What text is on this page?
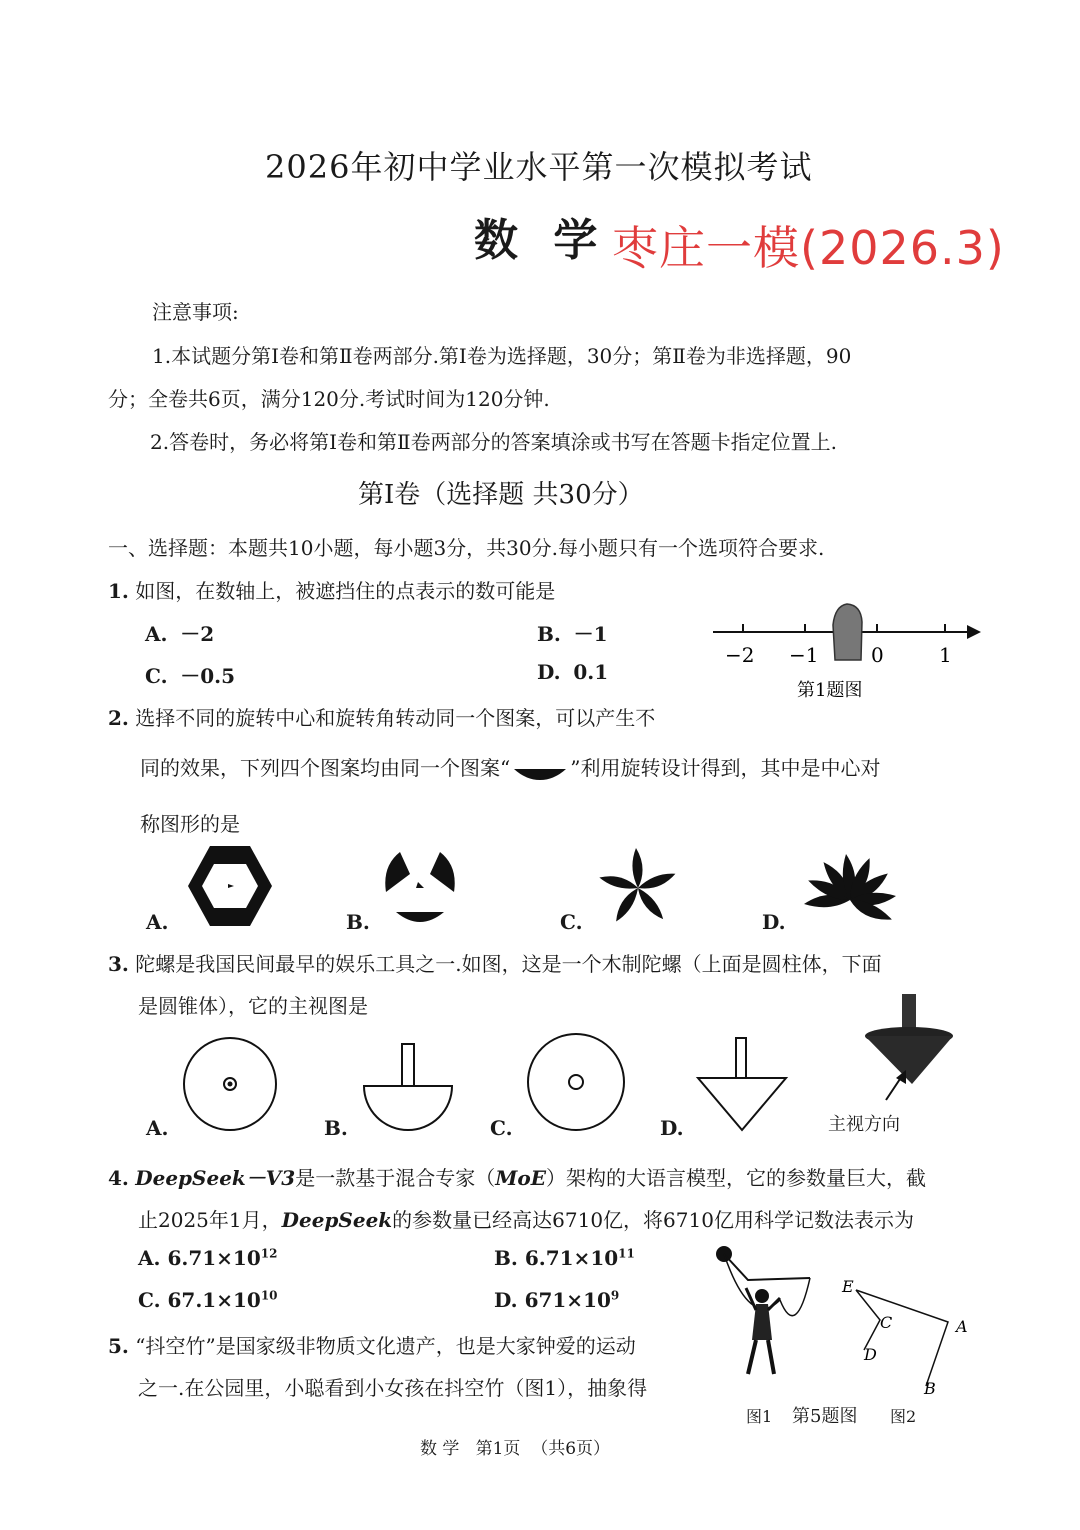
2026年初中学业水平第一次模拟考试
数 学 枣庄一模(2026.3)
注意事项:
1.本试题分第Ⅰ卷和第Ⅱ卷两部分.第Ⅰ卷为选择题，30分；第Ⅱ卷为非选择题，90
分；全卷共6页，满分120分.考试时间为120分钟.
2.答卷时，务必将第Ⅰ卷和第Ⅱ卷两部分的答案填涂或书写在答题卡指定位置上.
第Ⅰ卷（选择题 共30分）
一、选择题：本题共10小题，每小题3分，共30分.每小题只有一个选项符合要求.
1. 如图，在数轴上，被遮挡住的点表示的数可能是
A. －2	B. －1
C. －0.5	D. 0.1
−2 −1	0	1
第1题图
2. 选择不同的旋转中心和旋转角转动同一个图案，可以产生不
同的效果，下列四个图案均由同一个图案“	”利用旋转设计得到，其中是中心对
称图形的是
A.	B.	C.	D.
3. 陀螺是我国民间最早的娱乐工具之一.如图，这是一个木制陀螺（上面是圆柱体，下面
是圆锥体），它的主视图是
A.	B.	C.	D.	主视方向
4. DeepSeek－V3是一款基于混合专家（MoE）架构的大语言模型，它的参数量巨大，截
止2025年1月，DeepSeek的参数量已经高达6710亿，将6710亿用科学记数法表示为
A. $6.71\times 10^{12}$	B. $6.71\times 10^{11}$
C. $67.1\times 10^{10}$	D. $671\times 10^9$
5. “抖空竹”是国家级非物质文化遗产，也是大家钟爱的运动
之一.在公园里，小聪看到小女孩在抖空竹（图1），抽象得
E
C	A
D
B
图1 第5题图 图2
数 学   第1页  （共6页）
